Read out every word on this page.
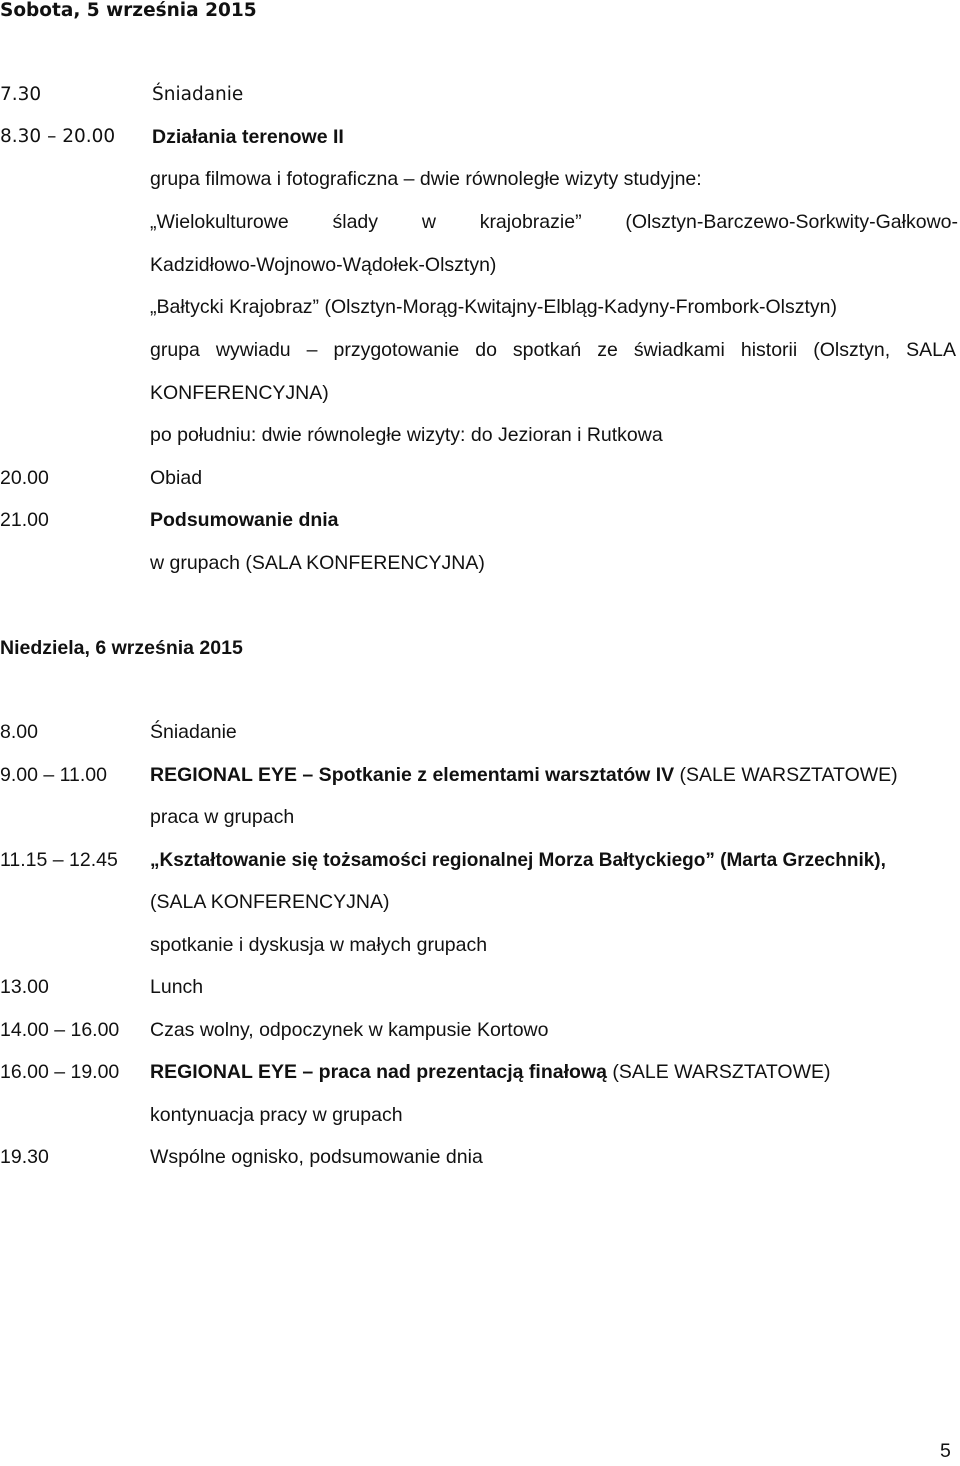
Sobota, 5 września 2015
7.30	Śniadanie
8.30 – 20.00 Działania terenowe II
grupa filmowa i fotograficzna – dwie równoległe wizyty studyjne:
„Wielokulturowe ślady w krajobrazie” (Olsztyn-Barczewo-Sorkwity-Gałkowo-
Kadzidłowo-Wojnowo-Wądołek-Olsztyn)
„Bałtycki Krajobraz” (Olsztyn-Morąg-Kwitajny-Elbląg-Kadyny-Frombork-Olsztyn)
grupa wywiadu – przygotowanie do spotkań ze świadkami historii (Olsztyn, SALA
KONFERENCYJNA)
po południu: dwie równoległe wizyty: do Jezioran i Rutkowa
20.00	Obiad
21.00	Podsumowanie dnia
w grupach (SALA KONFERENCYJNA)
Niedziela, 6 września 2015
8.00	Śniadanie
9.00 – 11.00 REGIONAL EYE – Spotkanie z elementami warsztatów IV (SALE WARSZTATOWE)
praca w grupach
11.15 – 12.45 „Kształtowanie się tożsamości regionalnej Morza Bałtyckiego” (Marta Grzechnik),
(SALA KONFERENCYJNA)
spotkanie i dyskusja w małych grupach
13.00	Lunch
14.00 – 16.00 Czas wolny, odpoczynek w kampusie Kortowo
16.00 – 19.00 REGIONAL EYE – praca nad prezentacją finałową (SALE WARSZTATOWE)
kontynuacja pracy w grupach
19.30	Wspólne ognisko, podsumowanie dnia
5
